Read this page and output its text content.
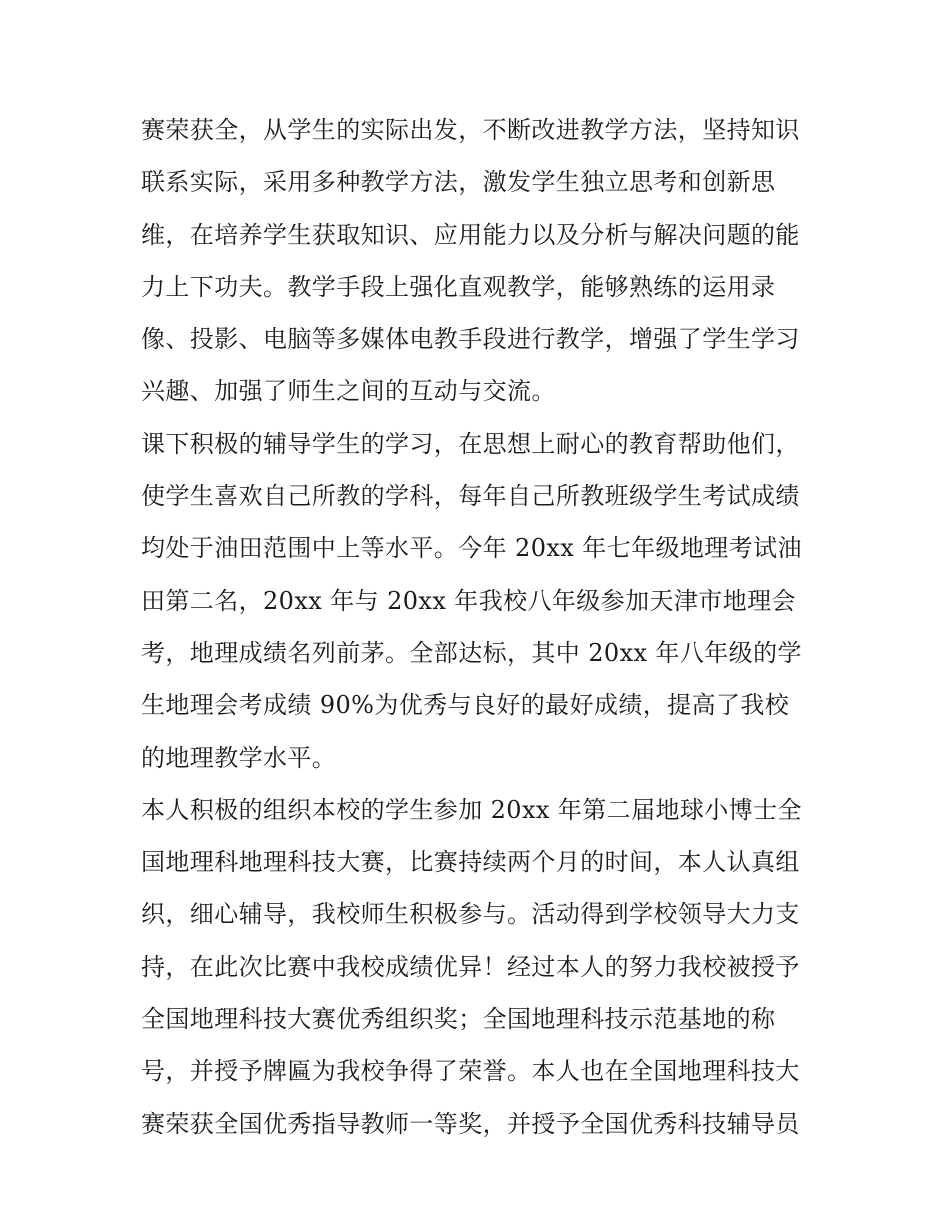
赛荣获全，从学生的实际出发，不断改进教学方法，坚持知识
联系实际，采用多种教学方法，激发学生独立思考和创新思
维，在培养学生获取知识、应用能力以及分析与解决问题的能
力上下功夫。教学手段上强化直观教学，能够熟练的运用录
像、投影、电脑等多媒体电教手段进行教学，增强了学生学习
兴趣、加强了师生之间的互动与交流。
课下积极的辅导学生的学习，在思想上耐心的教育帮助他们，
使学生喜欢自己所教的学科，每年自己所教班级学生考试成绩
均处于油田范围中上等水平。今年 20xx 年七年级地理考试油
田第二名，20xx 年与 20xx 年我校八年级参加天津市地理会
考，地理成绩名列前茅。全部达标，其中 20xx 年八年级的学
生地理会考成绩 90%为优秀与良好的最好成绩，提高了我校
的地理教学水平。
本人积极的组织本校的学生参加 20xx 年第二届地球小博士全
国地理科地理科技大赛，比赛持续两个月的时间，本人认真组
织，细心辅导，我校师生积极参与。活动得到学校领导大力支
持，在此次比赛中我校成绩优异！经过本人的努力我校被授予
全国地理科技大赛优秀组织奖；全国地理科技示范基地的称
号，并授予牌匾为我校争得了荣誉。本人也在全国地理科技大
赛荣获全国优秀指导教师一等奖，并授予全国优秀科技辅导员
